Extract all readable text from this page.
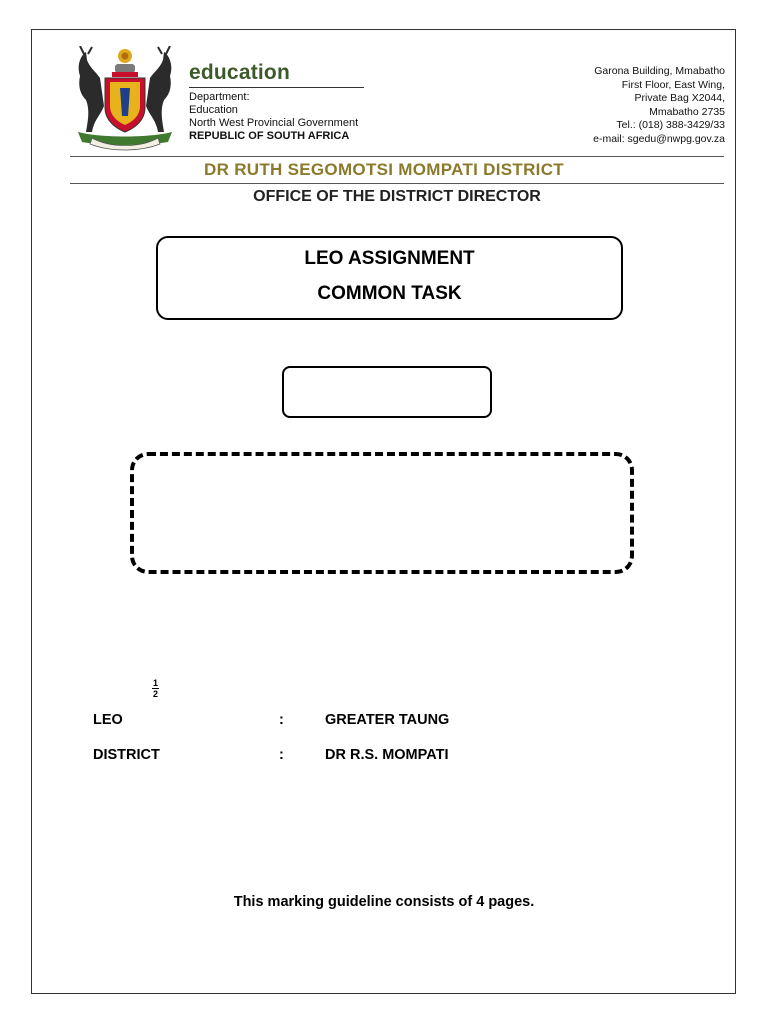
education
Department:
Education
North West Provincial Government
REPUBLIC OF SOUTH AFRICA
Garona Building, Mmabatho
First Floor, East Wing,
Private Bag X2044,
Mmabatho 2735
Tel.: (018) 388-3429/33
e-mail: sgedu@nwpg.gov.za
DR RUTH SEGOMOTSI MOMPATI DISTRICT
OFFICE OF THE DISTRICT DIRECTOR
LEO ASSIGNMENT
COMMON TASK
1
2
LEO	:	GREATER TAUNG
DISTRICT	:	DR R.S. MOMPATI
This marking guideline consists of 4 pages.
